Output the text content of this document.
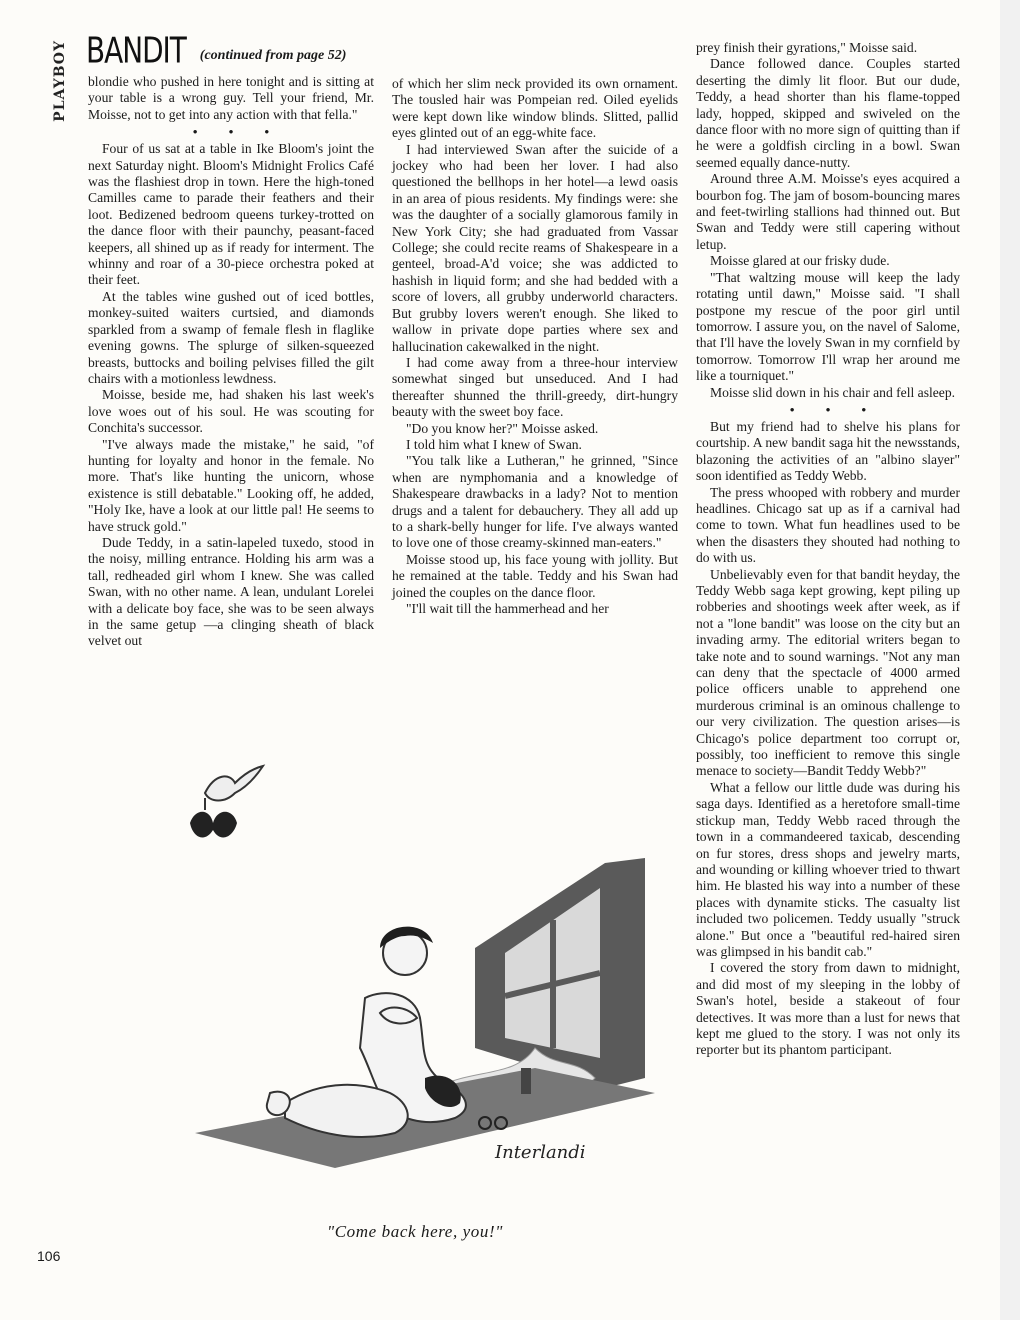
PLAYBOY BANDIT (continued from page 52)

blondie who pushed in here tonight and is sitting at your table is a wrong guy. Tell your friend, Mr. Moisse, not to get into any action with that fella."

• • •

Four of us sat at a table in Ike Bloom's joint the next Saturday night. Bloom's Midnight Frolics Café was the flashiest drop in town. Here the high-toned Camilles came to parade their feathers and their loot. Bedizened bedroom queens turkey-trotted on the dance floor with their paunchy, peasant-faced keepers, all shined up as if ready for interment. The whinny and roar of a 30-piece orchestra poked at their feet.

At the tables wine gushed out of iced bottles, monkey-suited waiters curtsied, and diamonds sparkled from a swamp of female flesh in flaglike evening gowns. The splurge of silken-squeezed breasts, buttocks and boiling pelvises filled the gilt chairs with a motionless lewdness.

Moisse, beside me, had shaken his last week's love woes out of his soul. He was scouting for Conchita's successor.

"I've always made the mistake," he said, "of hunting for loyalty and honor in the female. No more. That's like hunting the unicorn, whose existence is still debatable." Looking off, he added, "Holy Ike, have a look at our little pal! He seems to have struck gold."

Dude Teddy, in a satin-lapeled tuxedo, stood in the noisy, milling entrance. Holding his arm was a tall, redheaded girl whom I knew. She was called Swan, with no other name. A lean, undulant Lorelei with a delicate boy face, she was to be seen always in the same getup —a clinging sheath of black velvet out

of which her slim neck provided its own ornament. The tousled hair was Pompeian red. Oiled eyelids were kept down like window blinds. Slitted, pallid eyes glinted out of an egg-white face.

I had interviewed Swan after the suicide of a jockey who had been her lover. I had also questioned the bellhops in her hotel—a lewd oasis in an area of pious residents. My findings were: she was the daughter of a socially glamorous family in New York City; she had graduated from Vassar College; she could recite reams of Shakespeare in a genteel, broad-A'd voice; she was addicted to hashish in liquid form; and she had bedded with a score of lovers, all grubby underworld characters. But grubby lovers weren't enough. She liked to wallow in private dope parties where sex and hallucination cakewalked in the night.

I had come away from a three-hour interview somewhat singed but unseduced. And I had thereafter shunned the thrill-greedy, dirt-hungry beauty with the sweet boy face.

"Do you know her?" Moisse asked.

I told him what I knew of Swan.

"You talk like a Lutheran," he grinned, "Since when are nymphomania and a knowledge of Shakespeare drawbacks in a lady? Not to mention drugs and a talent for debauchery. They all add up to a shark-belly hunger for life. I've always wanted to love one of those creamy-skinned man-eaters."

Moisse stood up, his face young with jollity. But he remained at the table. Teddy and his Swan had joined the couples on the dance floor.

"I'll wait till the hammerhead and her

prey finish their gyrations," Moisse said.

Dance followed dance. Couples started deserting the dimly lit floor. But our dude, Teddy, a head shorter than his flame-topped lady, hopped, skipped and swiveled on the dance floor with no more sign of quitting than if he were a goldfish circling in a bowl. Swan seemed equally dance-nutty.

Around three A.M. Moisse's eyes acquired a bourbon fog. The jam of bosom-bouncing mares and feet-twirling stallions had thinned out. But Swan and Teddy were still capering without letup.

Moisse glared at our frisky dude.

"That waltzing mouse will keep the lady rotating until dawn," Moisse said. "I shall postpone my rescue of the poor girl until tomorrow. I assure you, on the navel of Salome, that I'll have the lovely Swan in my cornfield by tomorrow. Tomorrow I'll wrap her around me like a tourniquet."

Moisse slid down in his chair and fell asleep.

• • •

But my friend had to shelve his plans for courtship. A new bandit saga hit the newsstands, blazoning the activities of an "albino slayer" soon identified as Teddy Webb.

The press whooped with robbery and murder headlines. Chicago sat up as if a carnival had come to town. What fun headlines used to be when the disasters they shouted had nothing to do with us.

Unbelievably even for that bandit heyday, the Teddy Webb saga kept growing, kept piling up robberies and shootings week after week, as if not a "lone bandit" was loose on the city but an invading army. The editorial writers began to take note and to sound warnings. "Not any man can deny that the spectacle of 4000 armed police officers unable to apprehend one murderous criminal is an ominous challenge to our very civilization. The question arises—is Chicago's police department too corrupt or, possibly, too inefficient to remove this single menace to society—Bandit Teddy Webb?"

What a fellow our little dude was during his saga days. Identified as a heretofore small-time stickup man, Teddy Webb raced through the town in a commandeered taxicab, descending on fur stores, dress shops and jewelry marts, and wounding or killing whoever tried to thwart him. He blasted his way into a number of these places with dynamite sticks. The casualty list included two policemen. Teddy usually "struck alone." But once a "beautiful red-haired siren was glimpsed in his bandit cab."

I covered the story from dawn to midnight, and did most of my sleeping in the lobby of Swan's hotel, beside a stakeout of four detectives. It was more than a lust for news that kept me glued to the story. I was not only its reporter but its phantom participant.

Interlandi
"Come back here, you!"
106
